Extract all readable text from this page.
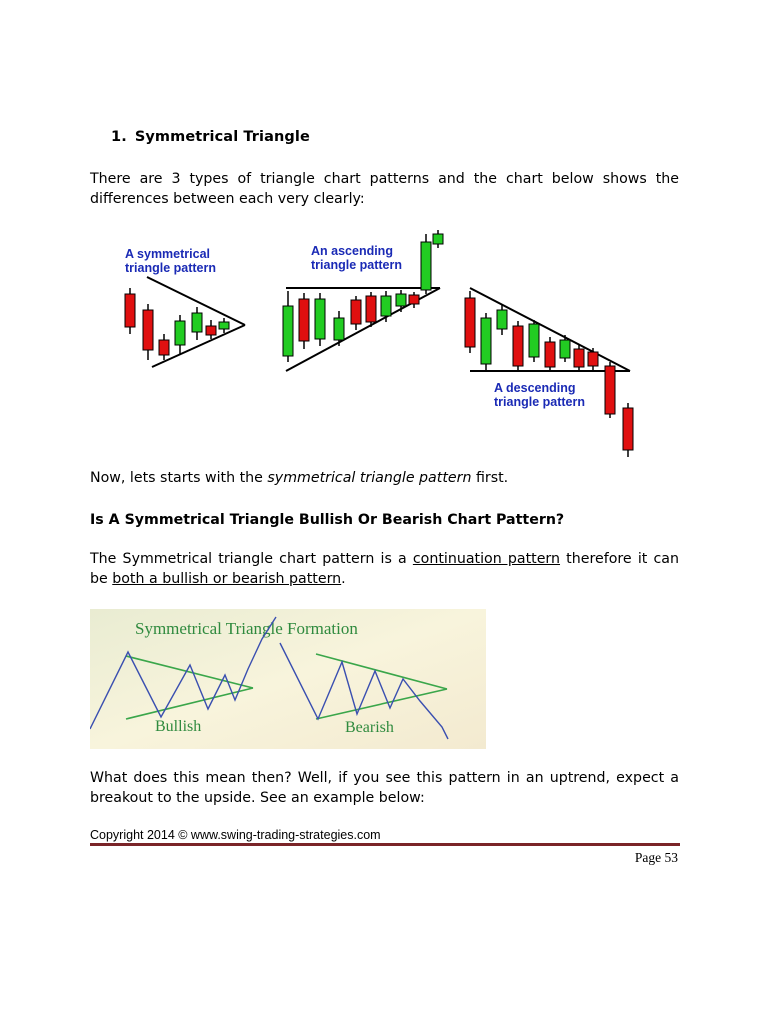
1. Symmetrical Triangle
There are 3 types of triangle chart patterns and the chart below shows the
differences between each very clearly:
A symmetrical
triangle pattern
An ascending
triangle pattern
A descending
triangle pattern
Now, lets starts with the symmetrical triangle pattern first.
Is A Symmetrical Triangle Bullish Or Bearish Chart Pattern?
The Symmetrical triangle chart pattern is a continuation pattern therefore it can
be both a bullish or bearish pattern.
Symmetrical Triangle Formation
Bullish	Bearish
What does this mean then? Well, if you see this pattern in an uptrend, expect a
breakout to the upside. See an example below:
Copyright 2014 © www.swing-trading-strategies.com
Page 53
